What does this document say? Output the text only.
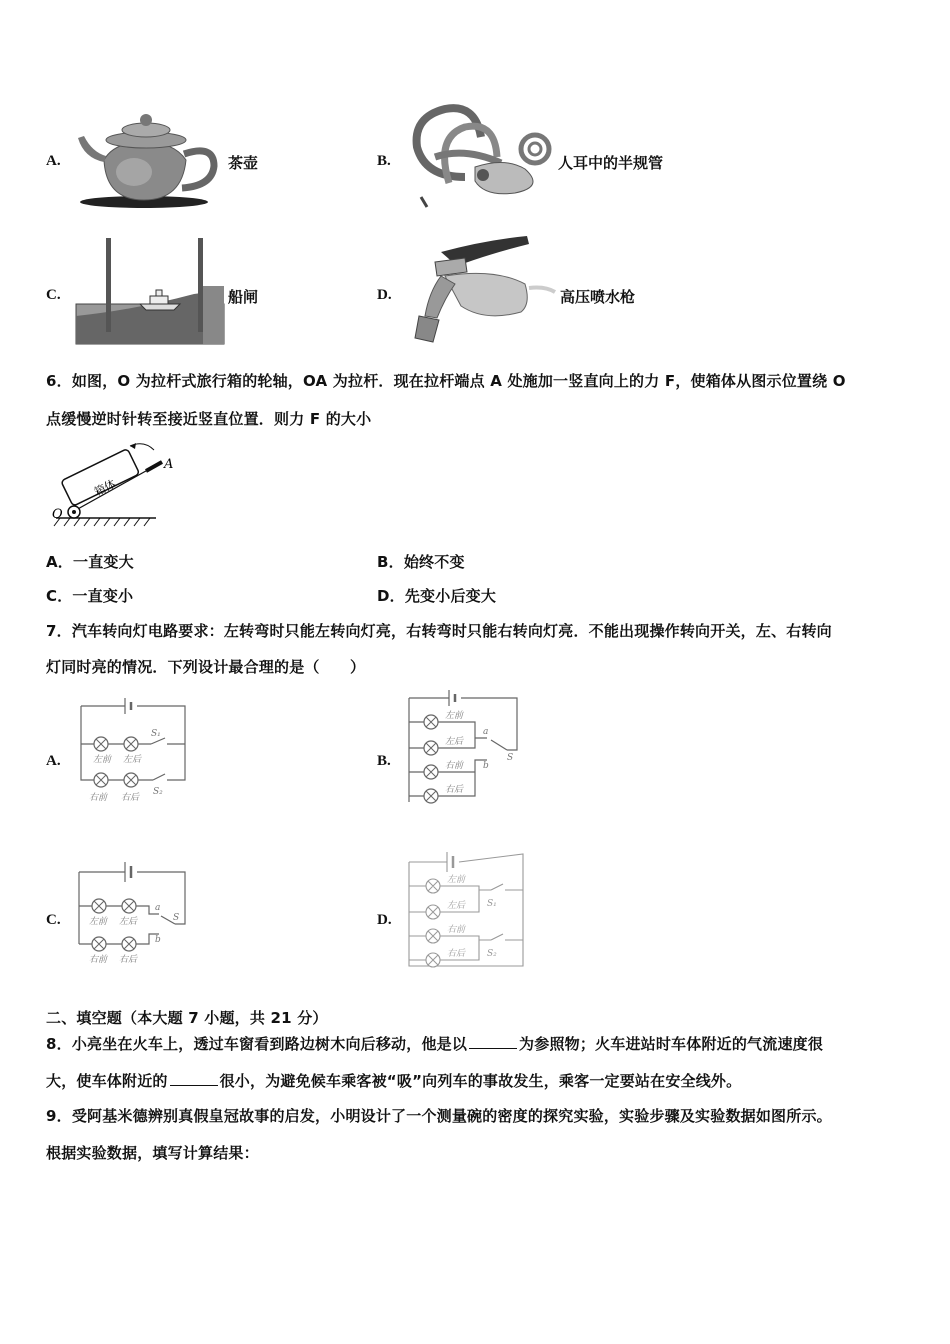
A.	茶壶	B.	人耳中的半规管
C.	船闸	D.	高压喷水枪
6．如图，O 为拉杆式旅行箱的轮轴，OA 为拉杆．现在拉杆端点 A 处施加一竖直向上的力 F，使箱体从图示位置绕 O
点缓慢逆时针转至接近竖直位置．则力 F 的大小
箱体
A
O
A．一直变大	B．始终不变
C．一直变小	D．先变小后变大
7．汽车转向灯电路要求：左转弯时只能左转向灯亮，右转弯时只能右转向灯亮．不能出现操作转向开关，左、右转向
灯同时亮的情况．下列设计最合理的是（　　）
A.	左前 左后
右前 右后
S₁
S₂
B.
左前
左后
右前
右后
a
S
b
C.	左前 左后
右前 右后
a
S
b
D.
左前
左后
右前
右后
S₁
S₂
二、填空题（本大题 7 小题，共 21 分）
8．小亮坐在火车上，透过车窗看到路边树木向后移动，他是以	为参照物；火车进站时车体附近的气流速度很
大，使车体附近的	很小，为避免候车乘客被“吸”向列车的事故发生，乘客一定要站在安全线外。
9．受阿基米德辨别真假皇冠故事的启发，小明设计了一个测量碗的密度的探究实验，实验步骤及实验数据如图所示。
根据实验数据，填写计算结果：
